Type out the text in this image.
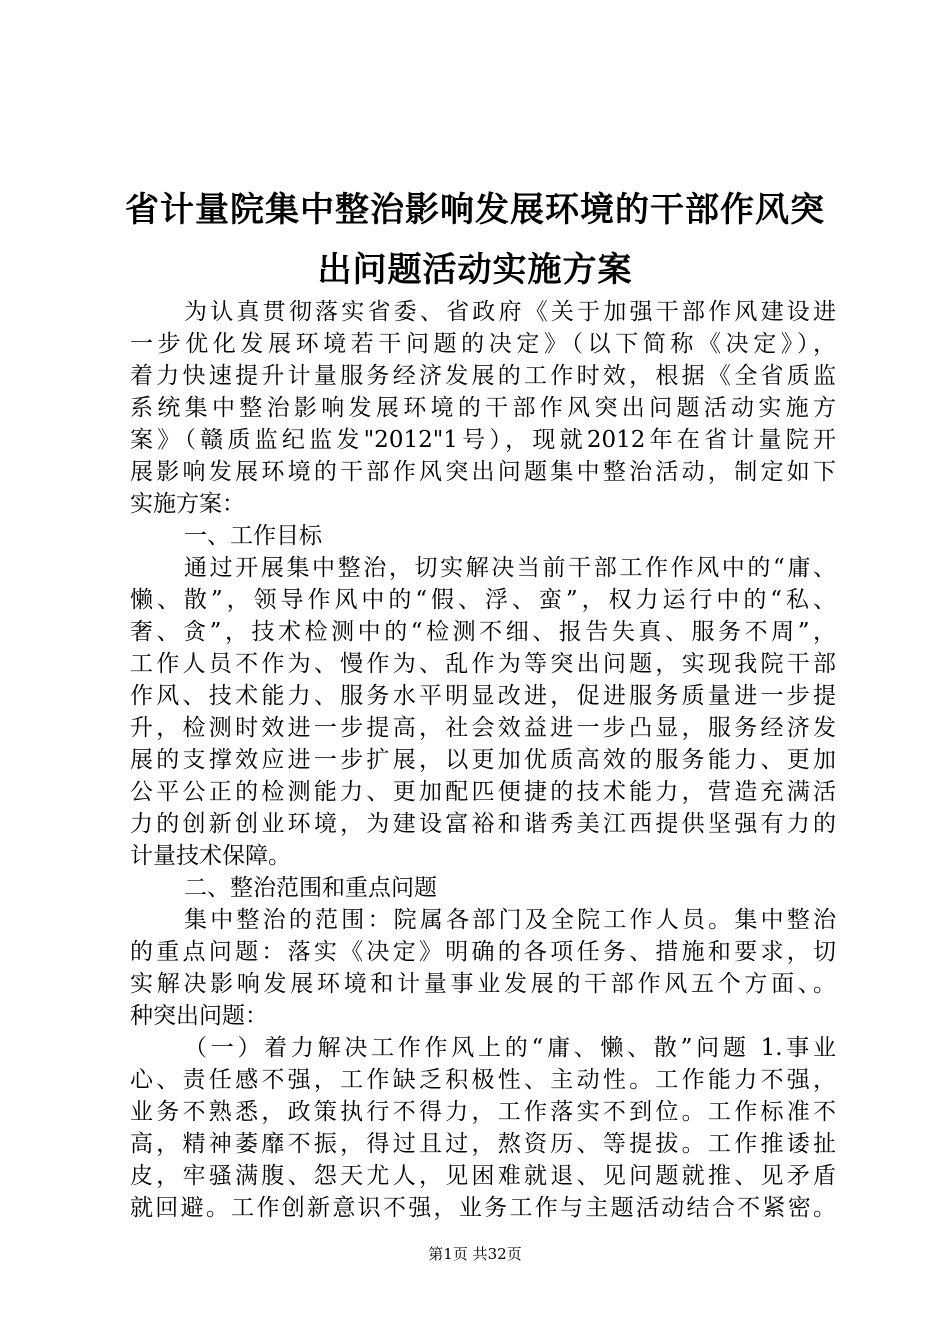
省计量院集中整治影响发展环境的干部作风突
出问题活动实施方案
为认真贯彻落实省委、省政府《关于加强干部作风建设进
一步优化发展环境若干问题的决定》（以下简称《决定》），
着力快速提升计量服务经济发展的工作时效，根据《全省质监
系统集中整治影响发展环境的干部作风突出问题活动实施方
案》（赣质监纪监发"2012"1号），现就2012年在省计量院开
展影响发展环境的干部作风突出问题集中整治活动，制定如下
实施方案：
一、工作目标
通过开展集中整治，切实解决当前干部工作作风中的“庸、
懒、散”，领导作风中的“假、浮、蛮”，权力运行中的“私、
奢、贪”，技术检测中的“检测不细、报告失真、服务不周”，
工作人员不作为、慢作为、乱作为等突出问题，实现我院干部
作风、技术能力、服务水平明显改进，促进服务质量进一步提
升，检测时效进一步提高，社会效益进一步凸显，服务经济发
展的支撑效应进一步扩展，以更加优质高效的服务能力、更加
公平公正的检测能力、更加配匹便捷的技术能力，营造充满活
力的创新创业环境，为建设富裕和谐秀美江西提供坚强有力的
计量技术保障。
二、整治范围和重点问题
集中整治的范围：院属各部门及全院工作人员。集中整治
的重点问题：落实《决定》明确的各项任务、措施和要求，切
实解决影响发展环境和计量事业发展的干部作风五个方面、。
种突出问题：
（一）着力解决工作作风上的“庸、懒、散”问题 1.事业
心、责任感不强，工作缺乏积极性、主动性。工作能力不强，
业务不熟悉，政策执行不得力，工作落实不到位。工作标准不
高，精神萎靡不振，得过且过，熬资历、等提拔。工作推诿扯
皮，牢骚满腹、怨天尤人，见困难就退、见问题就推、见矛盾
就回避。工作创新意识不强，业务工作与主题活动结合不紧密。
第1页 共32页
